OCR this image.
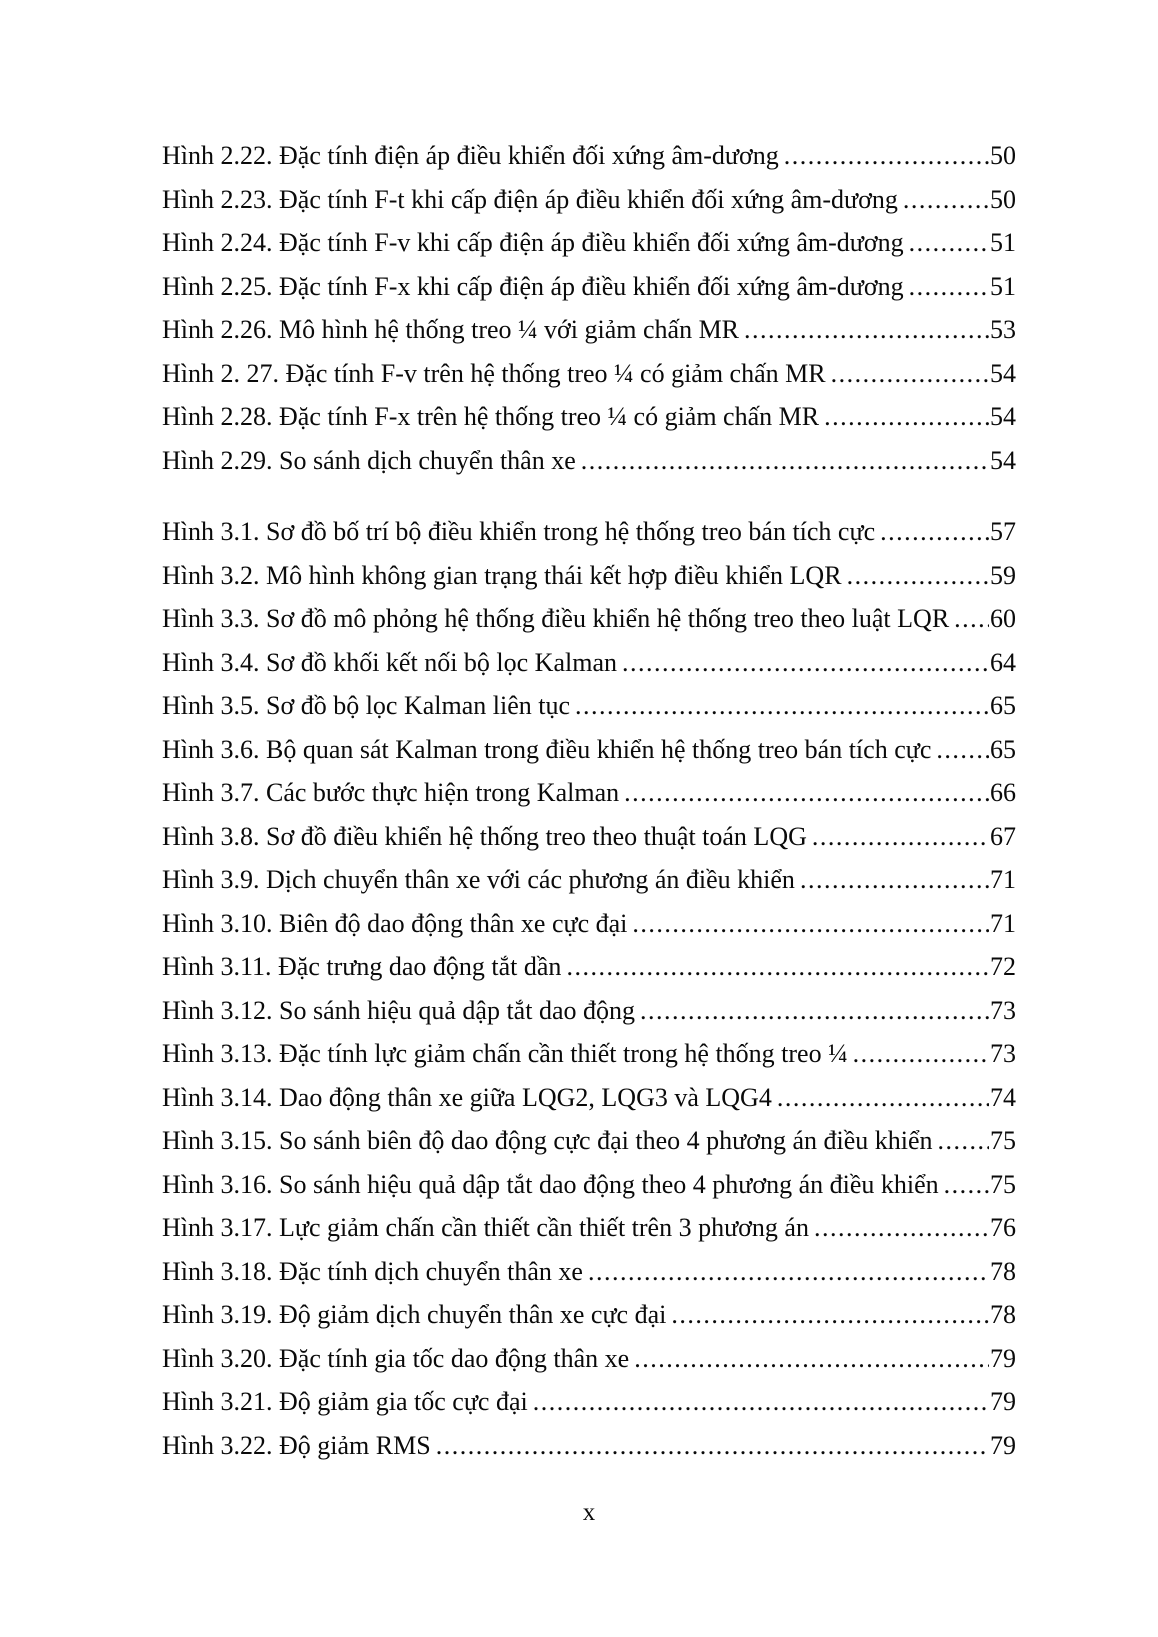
Hình 2.22. Đặc tính điện áp điều khiển đối xứng âm-dương .....	50
Hình 2.23. Đặc tính F-t khi cấp điện áp điều khiển đối xứng âm-dương .....	50
Hình 2.24. Đặc tính F-v khi cấp điện áp điều khiển đối xứng âm-dương .....	51
Hình 2.25. Đặc tính F-x khi cấp điện áp điều khiển đối xứng âm-dương .....	51
Hình 2.26. Mô hình hệ thống treo ¼ với giảm chấn MR .....	53
Hình 2. 27. Đặc tính F-v trên hệ thống treo ¼ có giảm chấn MR .....	54
Hình 2.28. Đặc tính F-x trên hệ thống treo ¼ có giảm chấn MR .....	54
Hình 2.29. So sánh dịch chuyển thân xe .....	54
Hình 3.1. Sơ đồ bố trí bộ điều khiển trong hệ thống treo bán tích cực .....	57
Hình 3.2. Mô hình không gian trạng thái kết hợp điều khiển LQR .....	59
Hình 3.3. Sơ đồ mô phỏng hệ thống điều khiển hệ thống treo theo luật LQR ..... 60
Hình 3.4. Sơ đồ khối kết nối bộ lọc Kalman .....	64
Hình 3.5. Sơ đồ bộ lọc Kalman liên tục .....	65
Hình 3.6. Bộ quan sát Kalman trong điều khiển hệ thống treo bán tích cực ..... 65
Hình 3.7. Các bước thực hiện trong Kalman .....	66
Hình 3.8. Sơ đồ điều khiển hệ thống treo theo thuật toán LQG .....	67
Hình 3.9. Dịch chuyển thân xe với các phương án điều khiển .....	71
Hình 3.10. Biên độ dao động thân xe cực đại .....	71
Hình 3.11. Đặc trưng dao động tắt dần .....	72
Hình 3.12. So sánh hiệu quả dập tắt dao động .....	73
Hình 3.13. Đặc tính lực giảm chấn cần thiết trong hệ thống treo ¼ .....	73
Hình 3.14. Dao động thân xe giữa LQG2, LQG3 và LQG4 .....	74
Hình 3.15. So sánh biên độ dao động cực đại theo 4 phương án điều khiển ..... 75
Hình 3.16. So sánh hiệu quả dập tắt dao động theo 4 phương án điều khiển ..... 75
Hình 3.17. Lực giảm chấn cần thiết cần thiết trên 3 phương án .....	76
Hình 3.18. Đặc tính dịch chuyển thân xe .....	78
Hình 3.19. Độ giảm dịch chuyển thân xe cực đại .....	78
Hình 3.20. Đặc tính gia tốc dao động thân xe .....	79
Hình 3.21. Độ giảm gia tốc cực đại .....	79
Hình 3.22. Độ giảm RMS .....	79
x
